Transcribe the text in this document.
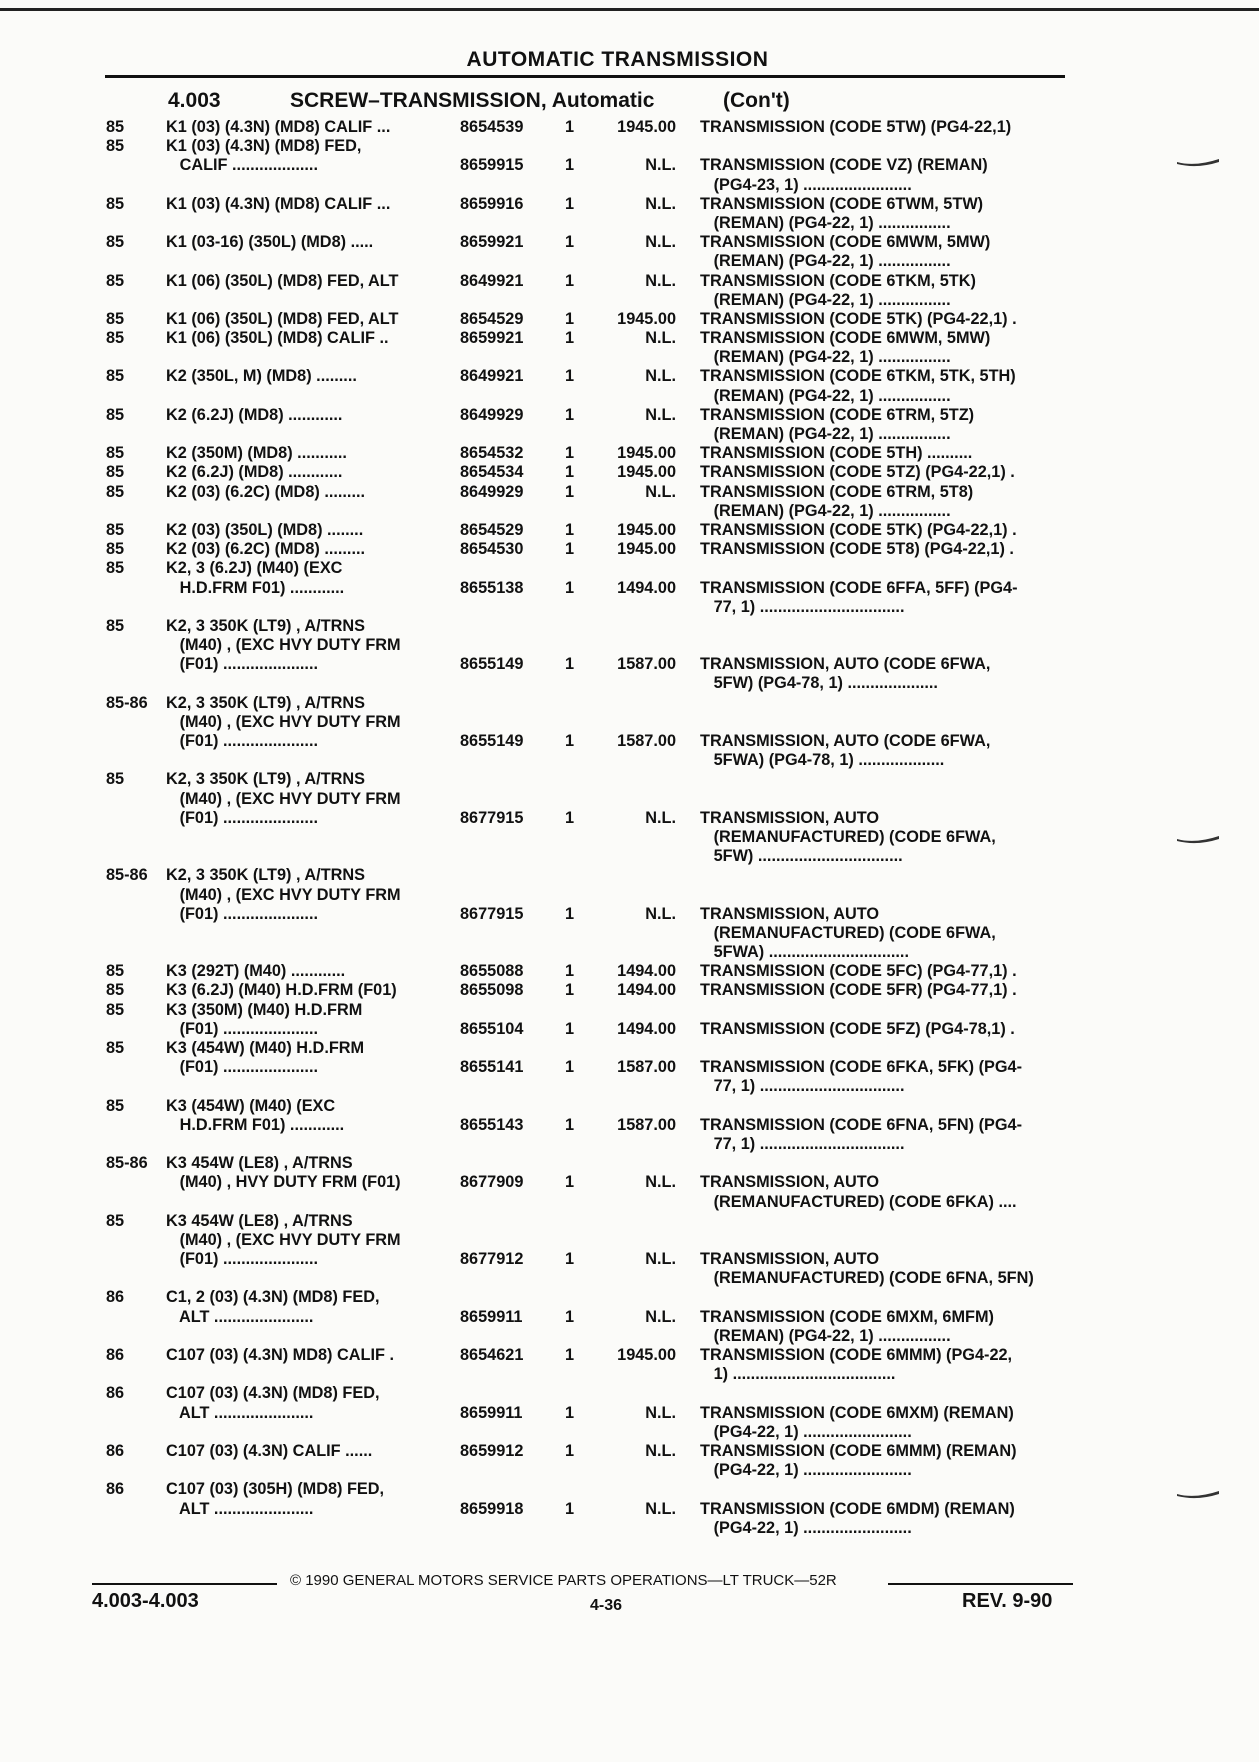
AUTOMATIC TRANSMISSION
4.003	SCREW–TRANSMISSION, Automatic	(Con't)
85	K1 (03) (4.3N) (MD8) CALIF ...	8654539	1	1945.00 TRANSMISSION (CODE 5TW) (PG4-22,1)
85	K1 (03) (4.3N) (MD8) FED,
CALIF ...................	8659915	1	N.L. TRANSMISSION (CODE VZ) (REMAN)
(PG4-23, 1) ........................
85	K1 (03) (4.3N) (MD8) CALIF ...	8659916	1	N.L. TRANSMISSION (CODE 6TWM, 5TW)
(REMAN) (PG4-22, 1) ................
85	K1 (03-16) (350L) (MD8) .....	8659921	1	N.L. TRANSMISSION (CODE 6MWM, 5MW)
(REMAN) (PG4-22, 1) ................
85	K1 (06) (350L) (MD8) FED, ALT	8649921	1	N.L. TRANSMISSION (CODE 6TKM, 5TK)
(REMAN) (PG4-22, 1) ................
85	K1 (06) (350L) (MD8) FED, ALT	8654529	1	1945.00 TRANSMISSION (CODE 5TK) (PG4-22,1) .
85	K1 (06) (350L) (MD8) CALIF ..	8659921	1	N.L. TRANSMISSION (CODE 6MWM, 5MW)
(REMAN) (PG4-22, 1) ................
85	K2 (350L, M) (MD8) .........	8649921	1	N.L. TRANSMISSION (CODE 6TKM, 5TK, 5TH)
(REMAN) (PG4-22, 1) ................
85	K2 (6.2J) (MD8) ............	8649929	1	N.L. TRANSMISSION (CODE 6TRM, 5TZ)
(REMAN) (PG4-22, 1) ................
85	K2 (350M) (MD8) ...........	8654532	1	1945.00 TRANSMISSION (CODE 5TH) ..........
85	K2 (6.2J) (MD8) ............	8654534	1	1945.00 TRANSMISSION (CODE 5TZ) (PG4-22,1) .
85	K2 (03) (6.2C) (MD8) .........	8649929	1	N.L. TRANSMISSION (CODE 6TRM, 5T8)
(REMAN) (PG4-22, 1) ................
85	K2 (03) (350L) (MD8) ........	8654529	1	1945.00 TRANSMISSION (CODE 5TK) (PG4-22,1) .
85	K2 (03) (6.2C) (MD8) .........	8654530	1	1945.00 TRANSMISSION (CODE 5T8) (PG4-22,1) .
85	K2, 3 (6.2J) (M40) (EXC
H.D.FRM F01) ............	8655138	1	1494.00 TRANSMISSION (CODE 6FFA, 5FF) (PG4-
77, 1) ................................
85	K2, 3 350K (LT9) , A/TRNS
(M40) , (EXC HVY DUTY FRM
(F01) .....................	8655149	1	1587.00 TRANSMISSION, AUTO (CODE 6FWA,
5FW) (PG4-78, 1) ....................
85-86	K2, 3 350K (LT9) , A/TRNS
(M40) , (EXC HVY DUTY FRM
(F01) .....................	8655149	1	1587.00 TRANSMISSION, AUTO (CODE 6FWA,
5FWA) (PG4-78, 1) ...................
85	K2, 3 350K (LT9) , A/TRNS
(M40) , (EXC HVY DUTY FRM
(F01) .....................	8677915	1	N.L. TRANSMISSION, AUTO
(REMANUFACTURED) (CODE 6FWA,
5FW) ................................
85-86	K2, 3 350K (LT9) , A/TRNS
(M40) , (EXC HVY DUTY FRM
(F01) .....................	8677915	1	N.L. TRANSMISSION, AUTO
(REMANUFACTURED) (CODE 6FWA,
5FWA) ...............................
85	K3 (292T) (M40) ............	8655088	1	1494.00 TRANSMISSION (CODE 5FC) (PG4-77,1) .
85	K3 (6.2J) (M40) H.D.FRM (F01)	8655098	1	1494.00 TRANSMISSION (CODE 5FR) (PG4-77,1) .
85	K3 (350M) (M40) H.D.FRM
(F01) .....................	8655104	1	1494.00 TRANSMISSION (CODE 5FZ) (PG4-78,1) .
85	K3 (454W) (M40) H.D.FRM
(F01) .....................	8655141	1	1587.00 TRANSMISSION (CODE 6FKA, 5FK) (PG4-
77, 1) ................................
85	K3 (454W) (M40) (EXC
H.D.FRM F01) ............	8655143	1	1587.00 TRANSMISSION (CODE 6FNA, 5FN) (PG4-
77, 1) ................................
85-86	K3 454W (LE8) , A/TRNS
(M40) , HVY DUTY FRM (F01)	8677909	1	N.L. TRANSMISSION, AUTO
(REMANUFACTURED) (CODE 6FKA) ....
85	K3 454W (LE8) , A/TRNS
(M40) , (EXC HVY DUTY FRM
(F01) .....................	8677912	1	N.L. TRANSMISSION, AUTO
(REMANUFACTURED) (CODE 6FNA, 5FN)
86	C1, 2 (03) (4.3N) (MD8) FED,
ALT ......................	8659911	1	N.L. TRANSMISSION (CODE 6MXM, 6MFM)
(REMAN) (PG4-22, 1) ................
86	C107 (03) (4.3N) MD8) CALIF .	8654621	1	1945.00 TRANSMISSION (CODE 6MMM) (PG4-22,
1) ....................................
86	C107 (03) (4.3N) (MD8) FED,
ALT ......................	8659911	1	N.L. TRANSMISSION (CODE 6MXM) (REMAN)
(PG4-22, 1) ........................
86	C107 (03) (4.3N) CALIF ......	8659912	1	N.L. TRANSMISSION (CODE 6MMM) (REMAN)
(PG4-22, 1) ........................
86	C107 (03) (305H) (MD8) FED,
ALT ......................	8659918	1	N.L. TRANSMISSION (CODE 6MDM) (REMAN)
(PG4-22, 1) ........................
© 1990 GENERAL MOTORS SERVICE PARTS OPERATIONS—LT TRUCK—52R
4.003-4.003	4-36	REV. 9-90
